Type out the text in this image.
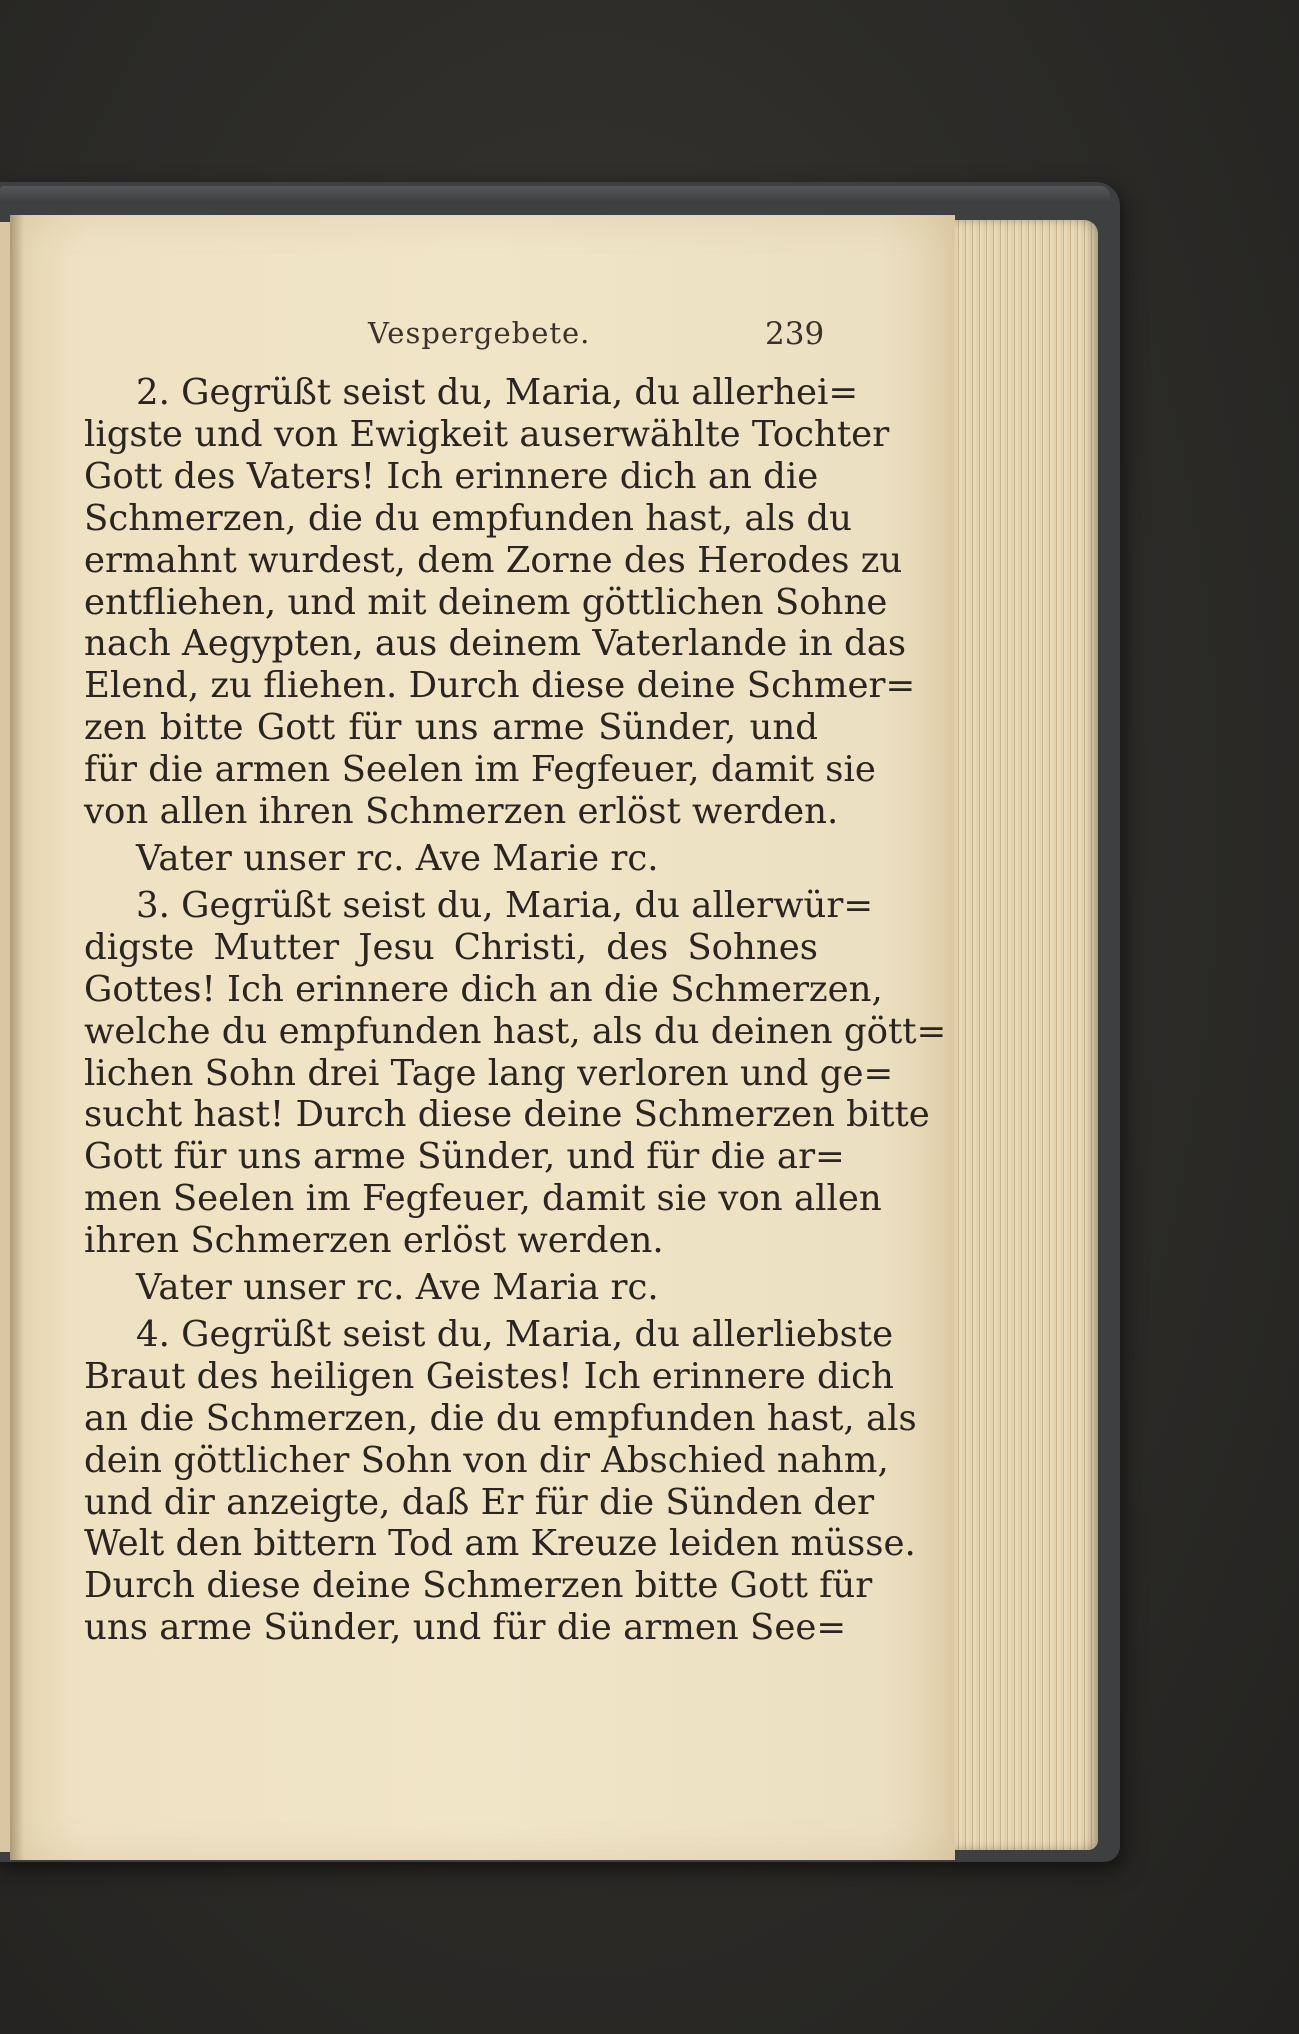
Vespergebete.	239
2. Gegrüßt seist du, Maria, du allerhei=
ligste und von Ewigkeit auserwählte Tochter
Gott des Vaters! Ich erinnere dich an die
Schmerzen, die du empfunden hast, als du
ermahnt wurdest, dem Zorne des Herodes zu
entfliehen, und mit deinem göttlichen Sohne
nach Aegypten, aus deinem Vaterlande in das
Elend, zu fliehen. Durch diese deine Schmer=
zen bitte Gott für uns arme Sünder, und
für die armen Seelen im Fegfeuer, damit sie
von allen ihren Schmerzen erlöst werden.
Vater unser rc. Ave Marie rc.
3. Gegrüßt seist du, Maria, du allerwür=
digste Mutter Jesu Christi, des Sohnes
Gottes! Ich erinnere dich an die Schmerzen,
welche du empfunden hast, als du deinen gött=
lichen Sohn drei Tage lang verloren und ge=
sucht hast! Durch diese deine Schmerzen bitte
Gott für uns arme Sünder, und für die ar=
men Seelen im Fegfeuer, damit sie von allen
ihren Schmerzen erlöst werden.
Vater unser rc. Ave Maria rc.
4. Gegrüßt seist du, Maria, du allerliebste
Braut des heiligen Geistes! Ich erinnere dich
an die Schmerzen, die du empfunden hast, als
dein göttlicher Sohn von dir Abschied nahm,
und dir anzeigte, daß Er für die Sünden der
Welt den bittern Tod am Kreuze leiden müsse.
Durch diese deine Schmerzen bitte Gott für
uns arme Sünder, und für die armen See=
